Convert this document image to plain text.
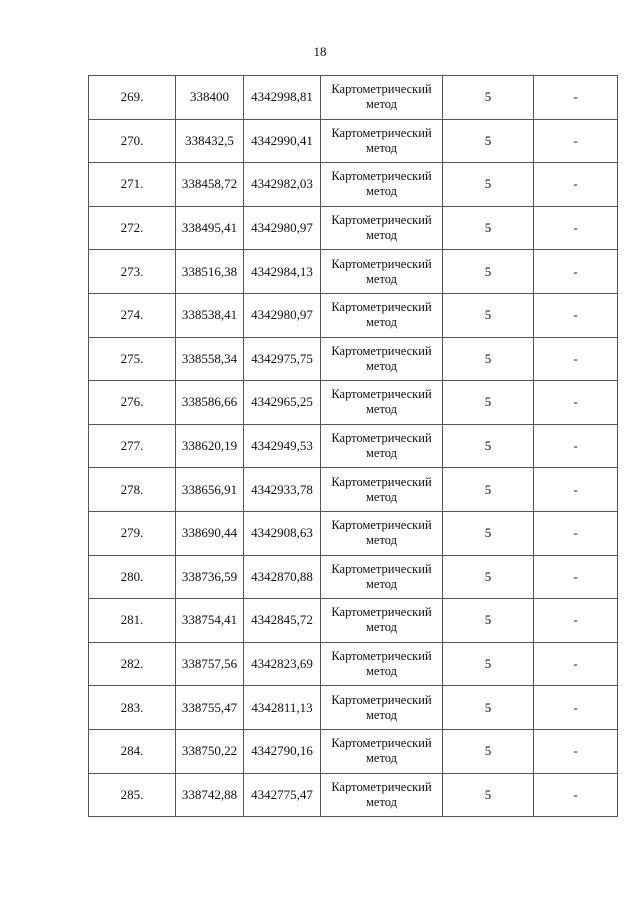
18
269.	338400	4342998,81	Картометрический метод	5	-
270.	338432,5	4342990,41	Картометрический метод	5	-
271.	338458,72	4342982,03	Картометрический метод	5	-
272.	338495,41	4342980,97	Картометрический метод	5	-
273.	338516,38	4342984,13	Картометрический метод	5	-
274.	338538,41	4342980,97	Картометрический метод	5	-
275.	338558,34	4342975,75	Картометрический метод	5	-
276.	338586,66	4342965,25	Картометрический метод	5	-
277.	338620,19	4342949,53	Картометрический метод	5	-
278.	338656,91	4342933,78	Картометрический метод	5	-
279.	338690,44	4342908,63	Картометрический метод	5	-
280.	338736,59	4342870,88	Картометрический метод	5	-
281.	338754,41	4342845,72	Картометрический метод	5	-
282.	338757,56	4342823,69	Картометрический метод	5	-
283.	338755,47	4342811,13	Картометрический метод	5	-
284.	338750,22	4342790,16	Картометрический метод	5	-
285.	338742,88	4342775,47	Картометрический метод	5	-
